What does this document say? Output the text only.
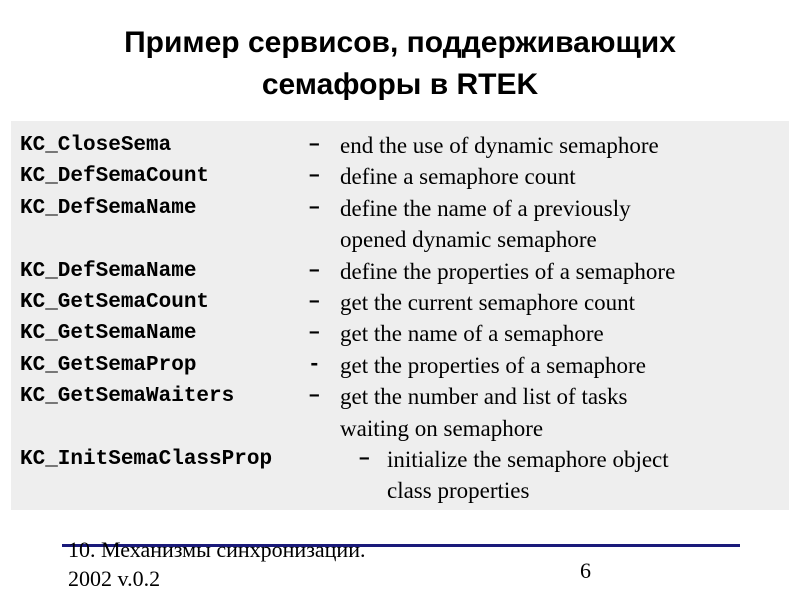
Пример сервисов, поддерживающих
семафоры в RTEK
KC_CloseSema	– end the use of dynamic semaphore
KC_DefSemaCount	– define a semaphore count
KC_DefSemaName	– define the name of a previously
opened dynamic semaphore
KC_DefSemaName	– define the properties of a semaphore
KC_GetSemaCount	– get the current semaphore count
KC_GetSemaName	– get the name of a semaphore
KC_GetSemaProp	- get the properties of a semaphore
KC_GetSemaWaiters	– get the number and list of tasks
waiting on semaphore
KC_InitSemaClassProp	– initialize the semaphore object
class properties
10. Механизмы синхронизации.
2002 v.0.2	6
